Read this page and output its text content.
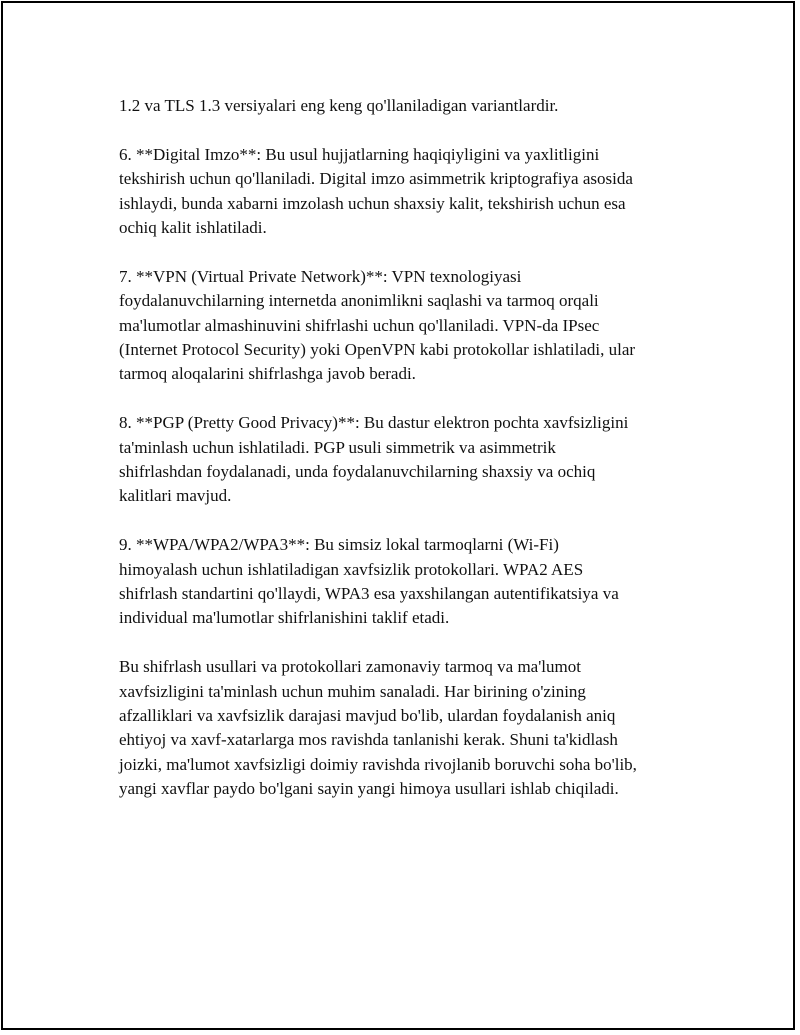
1.2 va TLS 1.3 versiyalari eng keng qo'llaniladigan variantlardir.

6. **Digital Imzo**: Bu usul hujjatlarning haqiqiyligini va yaxlitligini
tekshirish uchun qo'llaniladi. Digital imzo asimmetrik kriptografiya asosida
ishlaydi, bunda xabarni imzolash uchun shaxsiy kalit, tekshirish uchun esa
ochiq kalit ishlatiladi.

7. **VPN (Virtual Private Network)**: VPN texnologiyasi
foydalanuvchilarning internetda anonimlikni saqlashi va tarmoq orqali
ma'lumotlar almashinuvini shifrlashi uchun qo'llaniladi. VPN-da IPsec
(Internet Protocol Security) yoki OpenVPN kabi protokollar ishlatiladi, ular
tarmoq aloqalarini shifrlashga javob beradi.

8. **PGP (Pretty Good Privacy)**: Bu dastur elektron pochta xavfsizligini
ta'minlash uchun ishlatiladi. PGP usuli simmetrik va asimmetrik
shifrlashdan foydalanadi, unda foydalanuvchilarning shaxsiy va ochiq
kalitlari mavjud.

9. **WPA/WPA2/WPA3**: Bu simsiz lokal tarmoqlarni (Wi-Fi)
himoyalash uchun ishlatiladigan xavfsizlik protokollari. WPA2 AES
shifrlash standartini qo'llaydi, WPA3 esa yaxshilangan autentifikatsiya va
individual ma'lumotlar shifrlanishini taklif etadi.

Bu shifrlash usullari va protokollari zamonaviy tarmoq va ma'lumot
xavfsizligini ta'minlash uchun muhim sanaladi. Har birining o'zining
afzalliklari va xavfsizlik darajasi mavjud bo'lib, ulardan foydalanish aniq
ehtiyoj va xavf-xatarlarga mos ravishda tanlanishi kerak. Shuni ta'kidlash
joizki, ma'lumot xavfsizligi doimiy ravishda rivojlanib boruvchi soha bo'lib,
yangi xavflar paydo bo'lgani sayin yangi himoya usullari ishlab chiqiladi.
